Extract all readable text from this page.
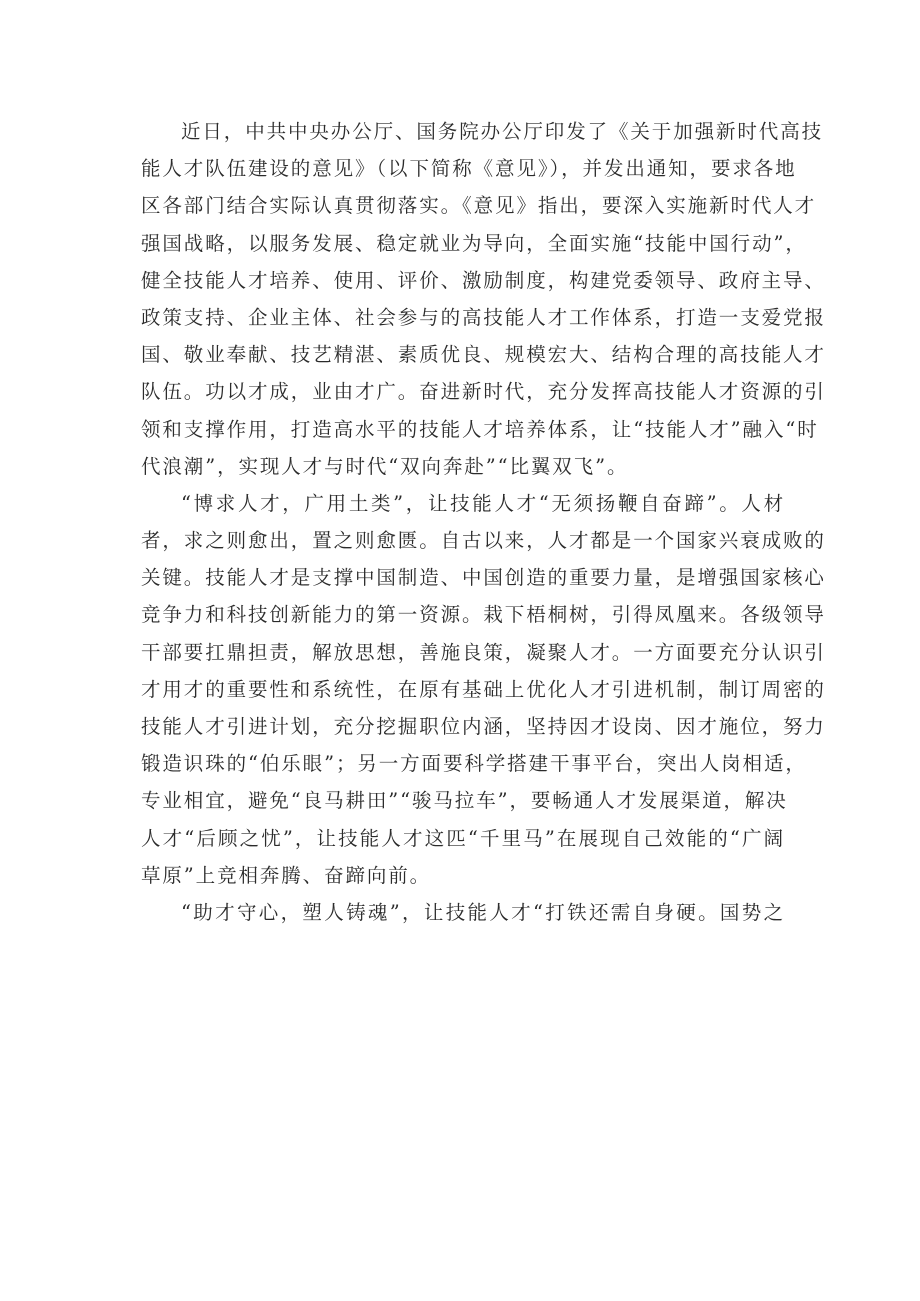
近日，中共中央办公厅、国务院办公厅印发了《关于加强新时代高技
能人才队伍建设的意见》（以下简称《意见》），并发出通知，要求各地
区各部门结合实际认真贯彻落实。《意见》指出，要深入实施新时代人才
强国战略，以服务发展、稳定就业为导向，全面实施“技能中国行动”，
健全技能人才培养、使用、评价、激励制度，构建党委领导、政府主导、
政策支持、企业主体、社会参与的高技能人才工作体系，打造一支爱党报
国、敬业奉献、技艺精湛、素质优良、规模宏大、结构合理的高技能人才
队伍。功以才成，业由才广。奋进新时代，充分发挥高技能人才资源的引
领和支撑作用，打造高水平的技能人才培养体系，让“技能人才”融入“时
代浪潮”，实现人才与时代“双向奔赴”“比翼双飞”。
“博求人才，广用土类”，让技能人才“无须扬鞭自奋蹄”。人材
者，求之则愈出，置之则愈匮。自古以来，人才都是一个国家兴衰成败的
关键。技能人才是支撑中国制造、中国创造的重要力量，是增强国家核心
竞争力和科技创新能力的第一资源。栽下梧桐树，引得凤凰来。各级领导
干部要扛鼎担责，解放思想，善施良策，凝聚人才。一方面要充分认识引
才用才的重要性和系统性，在原有基础上优化人才引进机制，制订周密的
技能人才引进计划，充分挖掘职位内涵，坚持因才设岗、因才施位，努力
锻造识珠的“伯乐眼”；另一方面要科学搭建干事平台，突出人岗相适，
专业相宜，避免“良马耕田”“骏马拉车”，要畅通人才发展渠道，解决
人才“后顾之忧”，让技能人才这匹“千里马”在展现自己效能的“广阔
草原”上竞相奔腾、奋蹄向前。
“助才守心，塑人铸魂”，让技能人才“打铁还需自身硬。国势之
